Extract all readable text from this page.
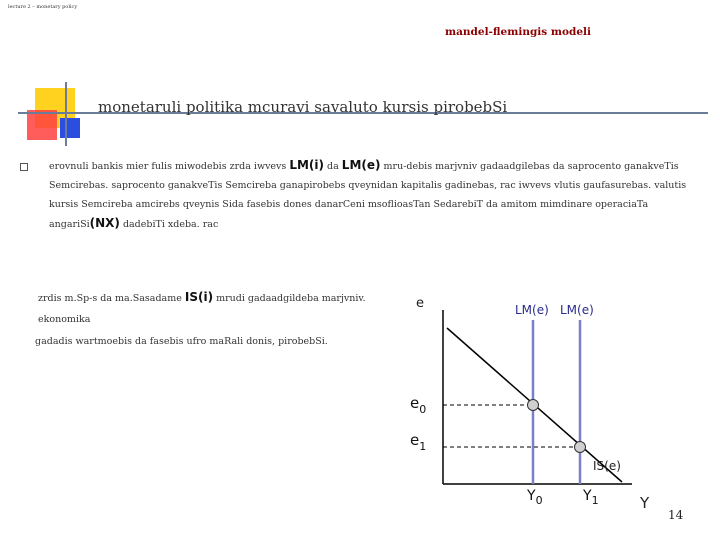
lecture 2 – monetary policy
mandel-flemingis modeli
monetaruli politika mcuravi savaluto kursis pirobebSi
erovnuli bankis mier fulis miwodebis zrda iwvevs LM(i) da LM(e) mru-debis marjvniv gadaadgilebas da saprocento ganakveTis Semcirebas. saprocento ganakveTis Semcireba ganapirobebs qveynidan kapitalis gadinebas, rac iwvevs vlutis gaufasurebas. valutis kursis Semcireba amcirebs qveynis Sida fasebis dones danarCeni msoflioasTan SedarebiT da amitom mimdinare operaciaTa angariSi(NX) dadebiTi xdeba. rac
zrdis m.Sp-s da ma.Sasadame IS(i) mrudi gadaadgildeba marjvniv. ekonomika
gadadis wartmoebis da fasebis ufro maRali donis, pirobebSi.
e
Y
LM(e) LM(e)
IS(e)
$e_0$
$e_1$
$Y_0$	$Y_1$
14
